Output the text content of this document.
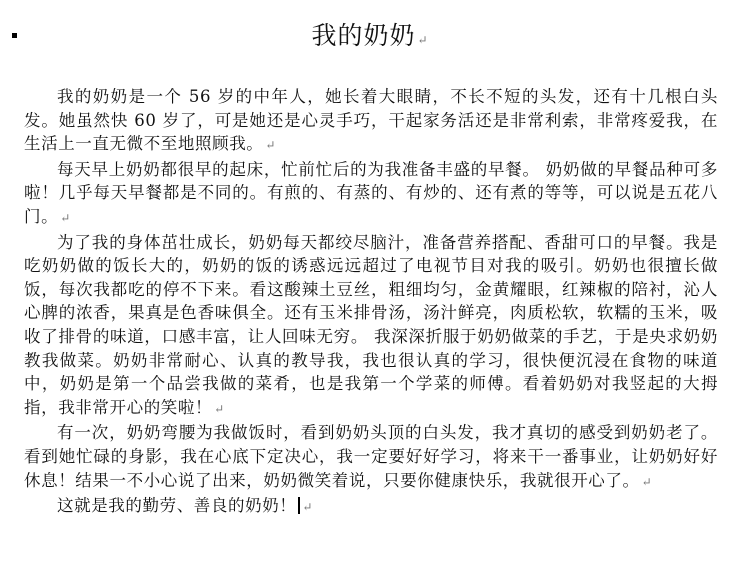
我的奶奶 ↵

我的奶奶是一个 56 岁的中年人，她长着大眼睛，不长不短的头发，还有十几根白头发。她虽然快 60 岁了，可是她还是心灵手巧，干起家务活还是非常利索，非常疼爱我，在生活上一直无微不至地照顾我。 ↵

每天早上奶奶都很早的起床，忙前忙后的为我准备丰盛的早餐。 奶奶做的早餐品种可多啦！几乎每天早餐都是不同的。有煎的、有蒸的、有炒的、还有煮的等等，可以说是五花八门。 ↵

为了我的身体茁壮成长，奶奶每天都绞尽脑汁，准备营养搭配、香甜可口的早餐。我是吃奶奶做的饭长大的，奶奶的饭的诱惑远远超过了电视节目对我的吸引。奶奶也很擅长做饭，每次我都吃的停不下来。看这酸辣土豆丝，粗细均匀，金黄耀眼，红辣椒的陪衬，沁人心脾的浓香，果真是色香味俱全。还有玉米排骨汤，汤汁鲜亮，肉质松软，软糯的玉米，吸收了排骨的味道，口感丰富，让人回味无穷。 我深深折服于奶奶做菜的手艺，于是央求奶奶教我做菜。奶奶非常耐心、认真的教导我，我也很认真的学习，很快便沉浸在食物的味道中，奶奶是第一个品尝我做的菜肴，也是我第一个学菜的师傅。看着奶奶对我竖起的大拇指，我非常开心的笑啦！ ↵

有一次，奶奶弯腰为我做饭时，看到奶奶头顶的白头发，我才真切的感受到奶奶老了。看到她忙碌的身影，我在心底下定决心，我一定要好好学习，将来干一番事业，让奶奶好好休息！结果一不小心说了出来，奶奶微笑着说，只要你健康快乐，我就很开心了。 ↵

这就是我的勤劳、善良的奶奶！ ↵
